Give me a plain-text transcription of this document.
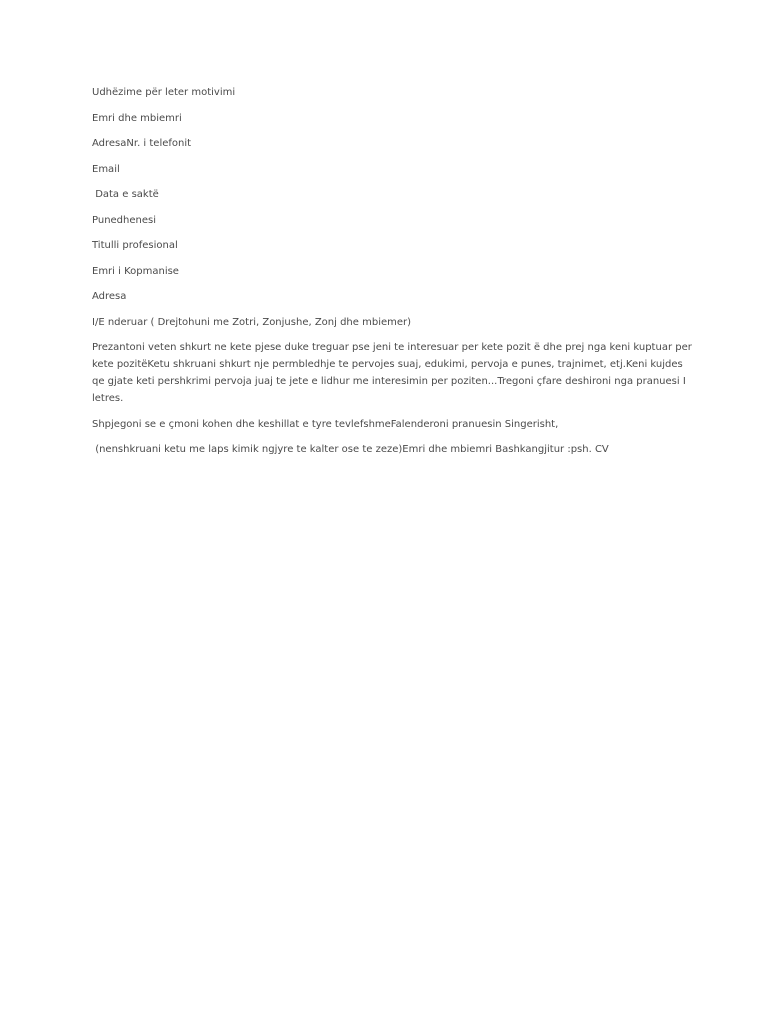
Udhëzime për leter motivimi
Emri dhe mbiemri
AdresaNr. i telefonit
Email
Data e saktë
Punedhenesi
Titulli profesional
Emri i Kopmanise
Adresa
I/E nderuar ( Drejtohuni me Zotri, Zonjushe, Zonj dhe mbiemer)
Prezantoni veten shkurt ne kete pjese duke treguar pse jeni te interesuar per kete pozit ë dhe prej nga keni kuptuar per kete pozitëKetu shkruani shkurt nje permbledhje te pervojes suaj, edukimi, pervoja e punes, trajnimet, etj.Keni kujdes qe gjate keti pershkrimi pervoja juaj te jete e lidhur me interesimin per poziten...Tregoni çfare deshironi nga pranuesi I letres.
Shpjegoni se e çmoni kohen dhe keshillat e tyre tevlefshmeFalenderoni pranuesin Singerisht,
(nenshkruani ketu me laps kimik ngjyre te kalter ose te zeze)Emri dhe mbiemri Bashkangjitur :psh. CV
